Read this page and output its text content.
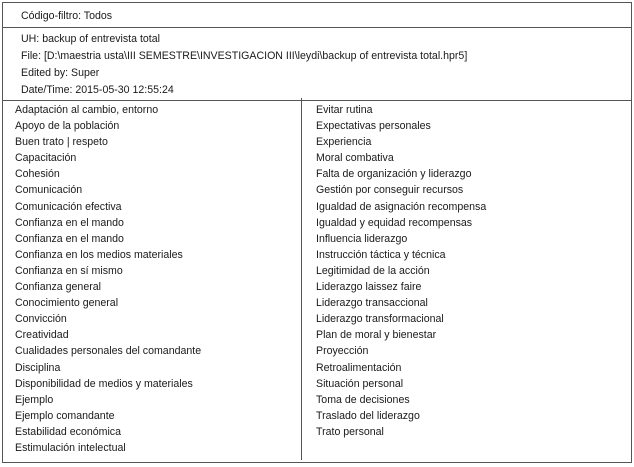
Código-filtro: Todos
UH: backup of entrevista total
File: [D:\maestria usta\III SEMESTRE\INVESTIGACION III\leydi\backup of entrevista total.hpr5]
Edited by: Super
Date/Time: 2015-05-30 12:55:24
Adaptación al cambio, entorno
Apoyo de la población
Buen trato | respeto
Capacitación
Cohesión
Comunicación
Comunicación efectiva
Confianza en el mando
Confianza en el mando
Confianza en los medios materiales
Confianza en sí mismo
Confianza general
Conocimiento general
Convicción
Creatividad
Cualidades personales del comandante
Disciplina
Disponibilidad de medios y materiales
Ejemplo
Ejemplo comandante
Estabilidad económica
Estimulación intelectual
Evitar rutina
Expectativas personales
Experiencia
Moral combativa
Falta de organización y liderazgo
Gestión por conseguir recursos
Igualdad de asignación recompensa
Igualdad y equidad recompensas
Influencia liderazgo
Instrucción táctica y técnica
Legitimidad de la acción
Liderazgo laissez faire
Liderazgo transaccional
Liderazgo transformacional
Plan de moral y bienestar
Proyección
Retroalimentación
Situación personal
Toma de decisiones
Traslado del liderazgo
Trato personal
